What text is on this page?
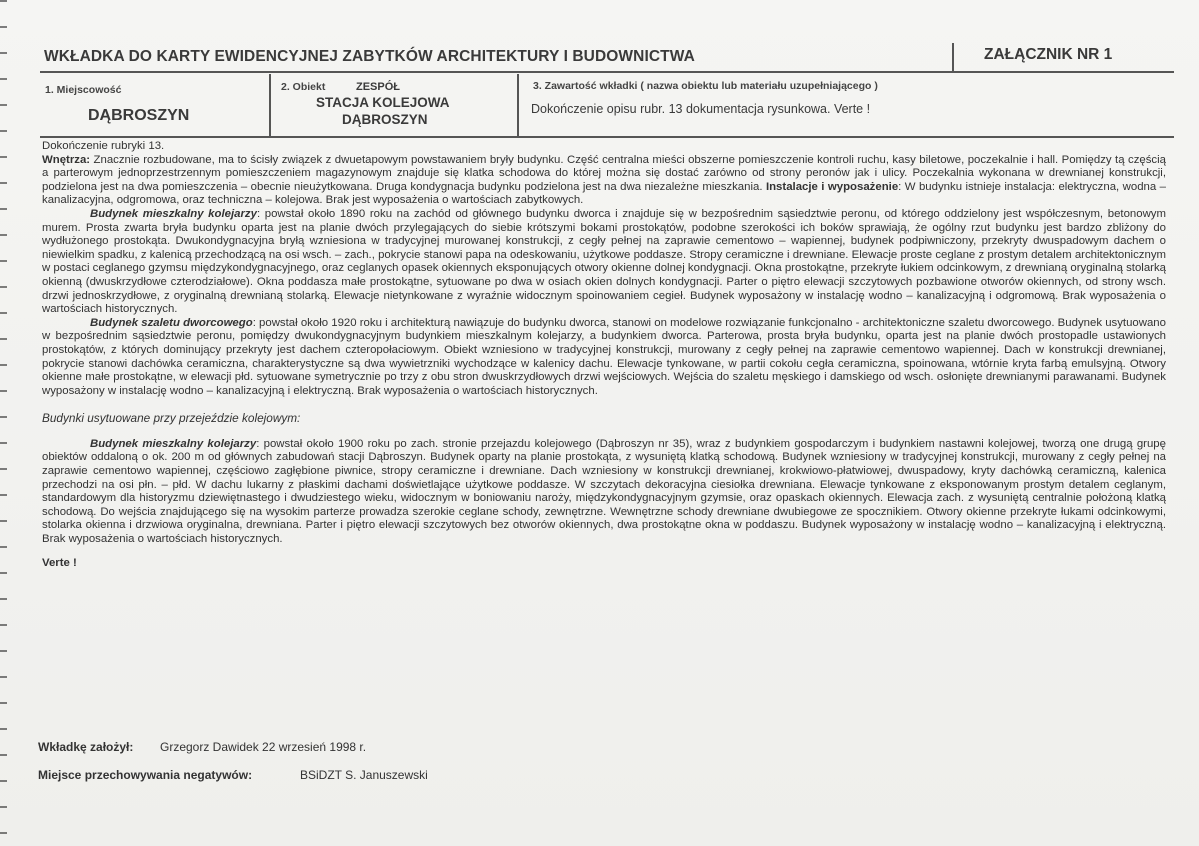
WKŁADKA DO KARTY EWIDENCYJNEJ ZABYTKÓW ARCHITEKTURY I BUDOWNICTWA	ZAŁĄCZNIK NR 1
1. Miejscowość
DĄBROSZYN
2. Obiekt	ZESPÓŁ
STACJA KOLEJOWA
DĄBROSZYN
3. Zawartość wkładki ( nazwa obiektu lub materiału uzupełniającego )
Dokończenie opisu rubr. 13 dokumentacja rysunkowa. Verte !

Dokończenie rubryki 13.

Wnętrza: Znacznie rozbudowane, ma to ścisły związek z dwuetapowym powstawaniem bryły budynku. Część centralna mieści obszerne pomieszczenie kontroli ruchu, kasy biletowe, poczekalnie i hall. Pomiędzy tą częścią a parterowym jednoprzestrzennym pomieszczeniem magazynowym znajduje się klatka schodowa do której można się dostać zarówno od strony peronów jak i ulicy. Poczekalnia wykonana w drewnianej konstrukcji, podzielona jest na dwa pomieszczenia – obecnie nieużytkowana. Druga kondygnacja budynku podzielona jest na dwa niezależne mieszkania. Instalacje i wyposażenie: W budynku istnieje instalacja: elektryczna, wodna – kanalizacyjna, odgromowa, oraz techniczna – kolejowa. Brak jest wyposażenia o wartościach zabytkowych.

Budynek mieszkalny kolejarzy: powstał około 1890 roku na zachód od głównego budynku dworca i znajduje się w bezpośrednim sąsiedztwie peronu, od którego oddzielony jest współczesnym, betonowym murem. Prosta zwarta bryła budynku oparta jest na planie dwóch przylegających do siebie krótszymi bokami prostokątów, podobne szerokości ich boków sprawiają, że ogólny rzut budynku jest bardzo zbliżony do wydłużonego prostokąta. Dwukondygnacyjna bryłą wzniesiona w tradycyjnej murowanej konstrukcji, z cegły pełnej na zaprawie cementowo – wapiennej, budynek podpiwniczony, przekryty dwuspadowym dachem o niewielkim spadku, z kalenicą przechodzącą na osi wsch. – zach., pokrycie stanowi papa na odeskowaniu, użytkowe poddasze. Stropy ceramiczne i drewniane. Elewacje proste ceglane z prostym detalem architektonicznym w postaci ceglanego gzymsu międzykondygnacyjnego, oraz ceglanych opasek okiennych eksponujących otwory okienne dolnej kondygnacji. Okna prostokątne, przekryte łukiem odcinkowym, z drewnianą oryginalną stolarką okienną (dwuskrzydłowe czterodziałowe). Okna poddasza małe prostokątne, sytuowane po dwa w osiach okien dolnych kondygnacji. Parter o piętro elewacji szczytowych pozbawione otworów okiennych, od strony wsch. drzwi jednoskrzydłowe, z oryginalną drewnianą stolarką. Elewacje nietynkowane z wyraźnie widocznym spoinowaniem cegieł. Budynek wyposażony w instalację wodno – kanalizacyjną i odgromową. Brak wyposażenia o wartościach historycznych.

Budynek szaletu dworcowego: powstał około 1920 roku i architekturą nawiązuje do budynku dworca, stanowi on modelowe rozwiązanie funkcjonalno - architektoniczne szaletu dworcowego. Budynek usytuowano w bezpośrednim sąsiedztwie peronu, pomiędzy dwukondygnacyjnym budynkiem mieszkalnym kolejarzy, a budynkiem dworca. Parterowa, prosta bryła budynku, oparta jest na planie dwóch prostopadle ustawionych prostokątów, z których dominujący przekryty jest dachem czteropołaciowym. Obiekt wzniesiono w tradycyjnej konstrukcji, murowany z cegły pełnej na zaprawie cementowo wapiennej. Dach w konstrukcji drewnianej, pokrycie stanowi dachówka ceramiczna, charakterystyczne są dwa wywietrzniki wychodzące w kalenicy dachu. Elewacje tynkowane, w partii cokołu cegła ceramiczna, spoinowana, wtórnie kryta farbą emulsyjną. Otwory okienne małe prostokątne, w elewacji płd. sytuowane symetrycznie po trzy z obu stron dwuskrzydłowych drzwi wejściowych. Wejścia do szaletu męskiego i damskiego od wsch. osłonięte drewnianymi parawanami. Budynek wyposażony w instalację wodno – kanalizacyjną i elektryczną. Brak wyposażenia o wartościach historycznych.

Budynki usytuowane przy przejeździe kolejowym:

Budynek mieszkalny kolejarzy: powstał około 1900 roku po zach. stronie przejazdu kolejowego (Dąbroszyn nr 35), wraz z budynkiem gospodarczym i budynkiem nastawni kolejowej, tworzą one drugą grupę obiektów oddaloną o ok. 200 m od głównych zabudowań stacji Dąbroszyn. Budynek oparty na planie prostokąta, z wysuniętą klatką schodową. Budynek wzniesiony w tradycyjnej konstrukcji, murowany z cegły pełnej na zaprawie cementowo wapiennej, częściowo zagłębione piwnice, stropy ceramiczne i drewniane. Dach wzniesiony w konstrukcji drewnianej, krokwiowo-płatwiowej, dwuspadowy, kryty dachówką ceramiczną, kalenica przechodzi na osi płn. – płd. W dachu lukarny z płaskimi dachami doświetlające użytkowe poddasze. W szczytach dekoracyjna ciesiołka drewniana. Elewacje tynkowane z eksponowanym prostym detalem ceglanym, standardowym dla historyzmu dziewiętnastego i dwudziestego wieku, widocznym w boniowaniu naroży, międzykondygnacyjnym gzymsie, oraz opaskach okiennych. Elewacja zach. z wysuniętą centralnie położoną klatką schodową. Do wejścia znajdującego się na wysokim parterze prowadza szerokie ceglane schody, zewnętrzne. Wewnętrzne schody drewniane dwubiegowe ze spocznikiem. Otwory okienne przekryte łukami odcinkowymi, stolarka okienna i drzwiowa oryginalna, drewniana. Parter i piętro elewacji szczytowych bez otworów okiennych, dwa prostokątne okna w poddaszu. Budynek wyposażony w instalację wodno – kanalizacyjną i elektryczną. Brak wyposażenia o wartościach historycznych.

Verte !

Wkładkę założył: Grzegorz Dawidek 22 wrzesień 1998 r.
Miejsce przechowywania negatywów:	BSiDZT S. Januszewski
